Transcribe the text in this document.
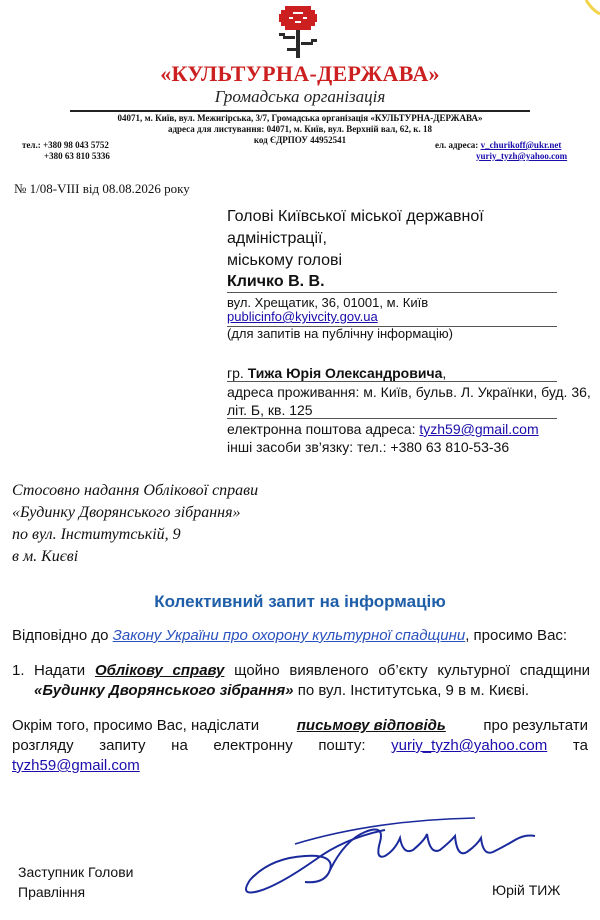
«КУЛЬТУРНА-ДЕРЖАВА»
Громадська організація
04071, м. Київ, вул. Межигірська, 3/7, Громадська організація «КУЛЬТУРНА-ДЕРЖАВА»
адреса для листування: 04071, м. Київ, вул. Верхній вал, 62, к. 18
код ЄДРПОУ 44952541
тел.: +380 98 043 5752
+380 63 810 5336
ел. адреса: v_churikoff@ukr.net
yuriy_tyzh@yahoo.com
№ 1/08-VIII від 08.08.2026 року
Голові Київської міської державної
адміністрації,
міському голові
Кличко В. В.
вул. Хрещатик, 36, 01001, м. Київ
publicinfo@kyivcity.gov.ua
(для запитів на публічну інформацію)
гр. Тижа Юрія Олександровича,
адреса проживання: м. Київ, бульв. Л. Українки, буд. 36,
літ. Б, кв. 125
електронна поштова адреса: tyzh59@gmail.com
інші засоби зв’язку: тел.: +380 63 810-53-36
Стосовно надання Облікової справи
«Будинку Дворянського зібрання»
по вул. Інститутській, 9
в м. Києві
Колективний запит на інформацію
Відповідно до Закону України про охорону культурної спадщини, просимо Вас:
1. Надати Облікову справу щойно виявленого об’єкту культурної спадщини «Будинку Дворянського зібрання» по вул. Інститутська, 9 в м. Києві.
Окрім того, просимо Вас, надіслати	письмову відповідь	про результати
розгляду запиту на електронну пошту: yuriy_tyzh@yahoo.com та
tyzh59@gmail.com
Заступник Голови
Правління	Юрій ТИЖ
